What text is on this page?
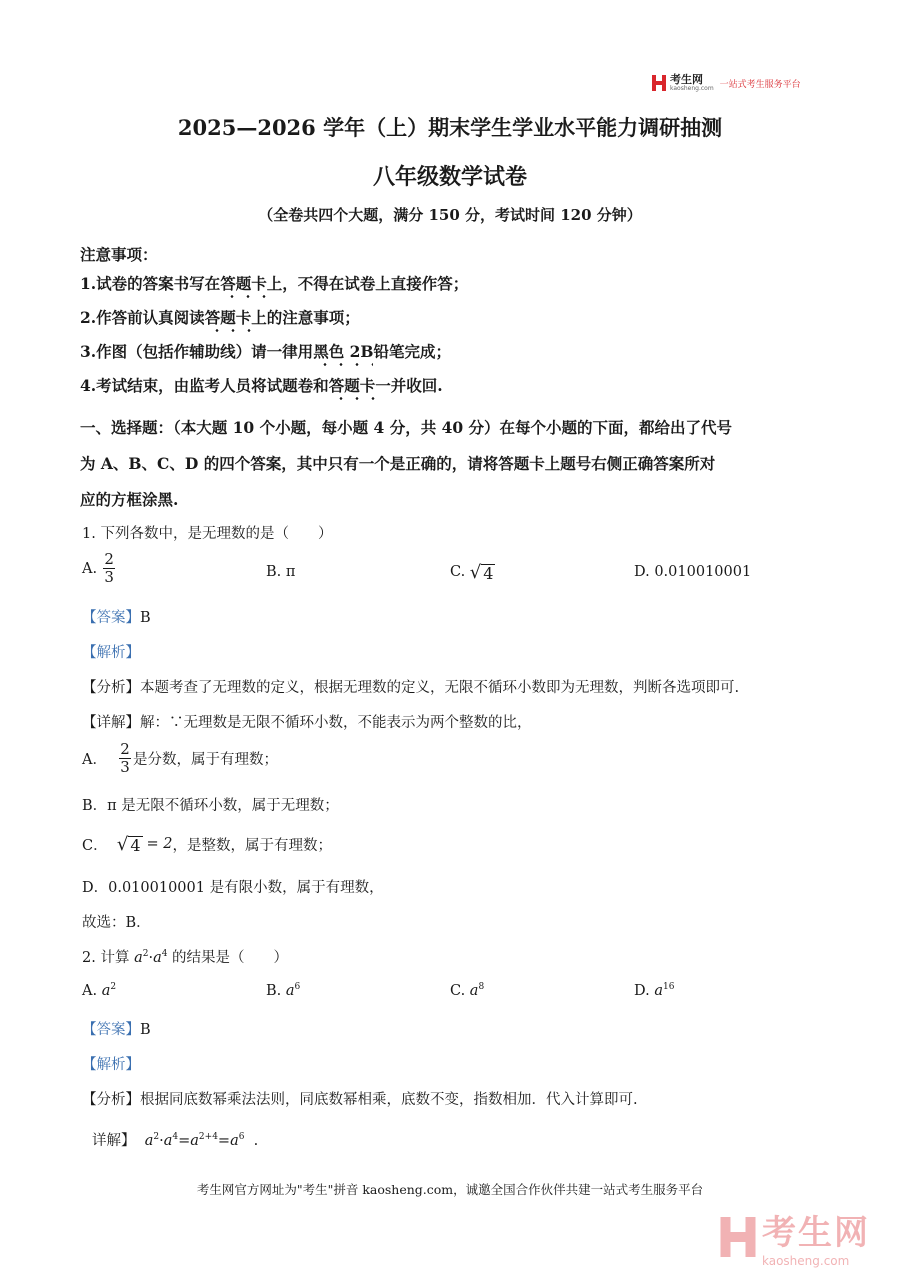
考生网
kaosheng.com 一站式考生服务平台
2025—2026 学年（上）期末学生学业水平能力调研抽测
八年级数学试卷
（全卷共四个大题，满分 150 分，考试时间 120 分钟）
注意事项：
1.试卷的答案书写在答题卡上，不得在试卷上直接作答；
2.作答前认真阅读答题卡上的注意事项；
3.作图（包括作辅助线）请一律用黑色 2B铅笔完成；
4.考试结束，由监考人员将试题卷和答题卡一并收回.
一、选择题：（本大题 10 个小题，每小题 4 分，共 40 分）在每个小题的下面，都给出了代号
为 A、B、C、D 的四个答案，其中只有一个是正确的，请将答题卡上题号右侧正确答案所对
应的方框涂黑.
1. 下列各数中，是无理数的是（　　）
A. $\frac{2}{3}$	B. π	C.
√ 4	D. 0.010010001
【答案】B
【解析】
【分析】本题考查了无理数的定义，根据无理数的定义，无限不循环小数即为无理数，判断各选项即可.
【详解】解：∵无理数是无限不循环小数，不能表示为两个整数的比，
A． $\frac{2}{3}$ 是分数，属于有理数；
B．π 是无限不循环小数，属于无理数；
C．
√ 4 = 2 ，是整数，属于有理数；
D．0.010010001 是有限小数，属于有理数，
故选：B．
2. 计算 $a^2\cdot a^4$ 的结果是（　　）
A. $a^2$	B. $a^6$	C. $a^8$	D. $a^{16}$
【答案】B
【解析】
【分析】根据同底数幂乘法法则，同底数幂相乘，底数不变，指数相加．代入计算即可.
详解】 $a^2\cdot a^4=a^{2+4}=a^6$  .
考生网官方网址为"考生"拼音 kaosheng.com，诚邀全国合作伙伴共建一站式考生服务平台
考生网
kaosheng.com
